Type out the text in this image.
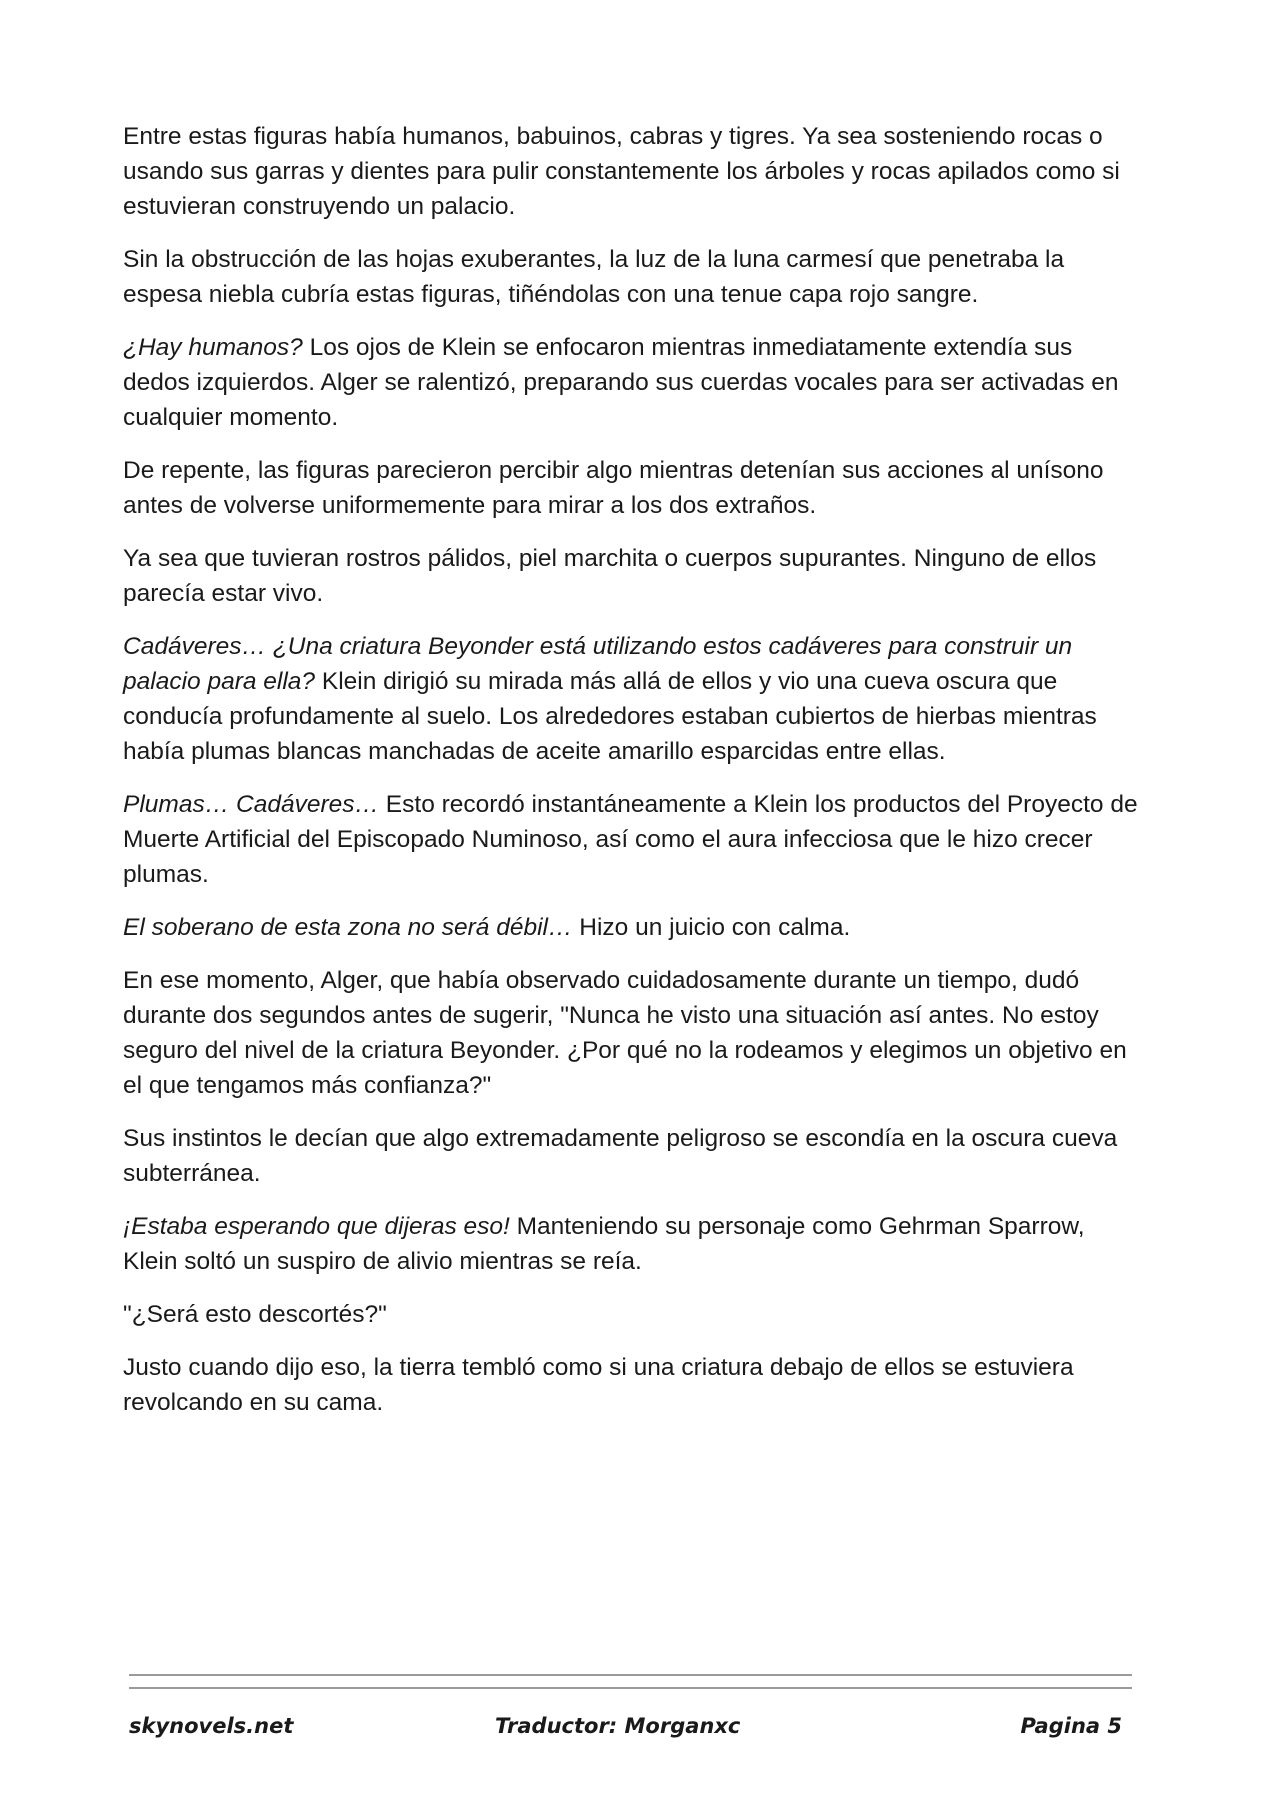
Entre estas figuras había humanos, babuinos, cabras y tigres. Ya sea sosteniendo rocas o usando sus garras y dientes para pulir constantemente los árboles y rocas apilados como si estuvieran construyendo un palacio.

Sin la obstrucción de las hojas exuberantes, la luz de la luna carmesí que penetraba la espesa niebla cubría estas figuras, tiñéndolas con una tenue capa rojo sangre.

¿Hay humanos? Los ojos de Klein se enfocaron mientras inmediatamente extendía sus dedos izquierdos. Alger se ralentizó, preparando sus cuerdas vocales para ser activadas en cualquier momento.

De repente, las figuras parecieron percibir algo mientras detenían sus acciones al unísono antes de volverse uniformemente para mirar a los dos extraños.

Ya sea que tuvieran rostros pálidos, piel marchita o cuerpos supurantes. Ninguno de ellos parecía estar vivo.

Cadáveres… ¿Una criatura Beyonder está utilizando estos cadáveres para construir un palacio para ella? Klein dirigió su mirada más allá de ellos y vio una cueva oscura que conducía profundamente al suelo. Los alrededores estaban cubiertos de hierbas mientras había plumas blancas manchadas de aceite amarillo esparcidas entre ellas.

Plumas… Cadáveres… Esto recordó instantáneamente a Klein los productos del Proyecto de Muerte Artificial del Episcopado Numinoso, así como el aura infecciosa que le hizo crecer plumas.

El soberano de esta zona no será débil… Hizo un juicio con calma.

En ese momento, Alger, que había observado cuidadosamente durante un tiempo, dudó durante dos segundos antes de sugerir, "Nunca he visto una situación así antes. No estoy seguro del nivel de la criatura Beyonder. ¿Por qué no la rodeamos y elegimos un objetivo en el que tengamos más confianza?"

Sus instintos le decían que algo extremadamente peligroso se escondía en la oscura cueva subterránea.

¡Estaba esperando que dijeras eso! Manteniendo su personaje como Gehrman Sparrow, Klein soltó un suspiro de alivio mientras se reía.

"¿Será esto descortés?"

Justo cuando dijo eso, la tierra tembló como si una criatura debajo de ellos se estuviera revolcando en su cama.

skynovels.net	Traductor: Morganxc	Pagina 5
